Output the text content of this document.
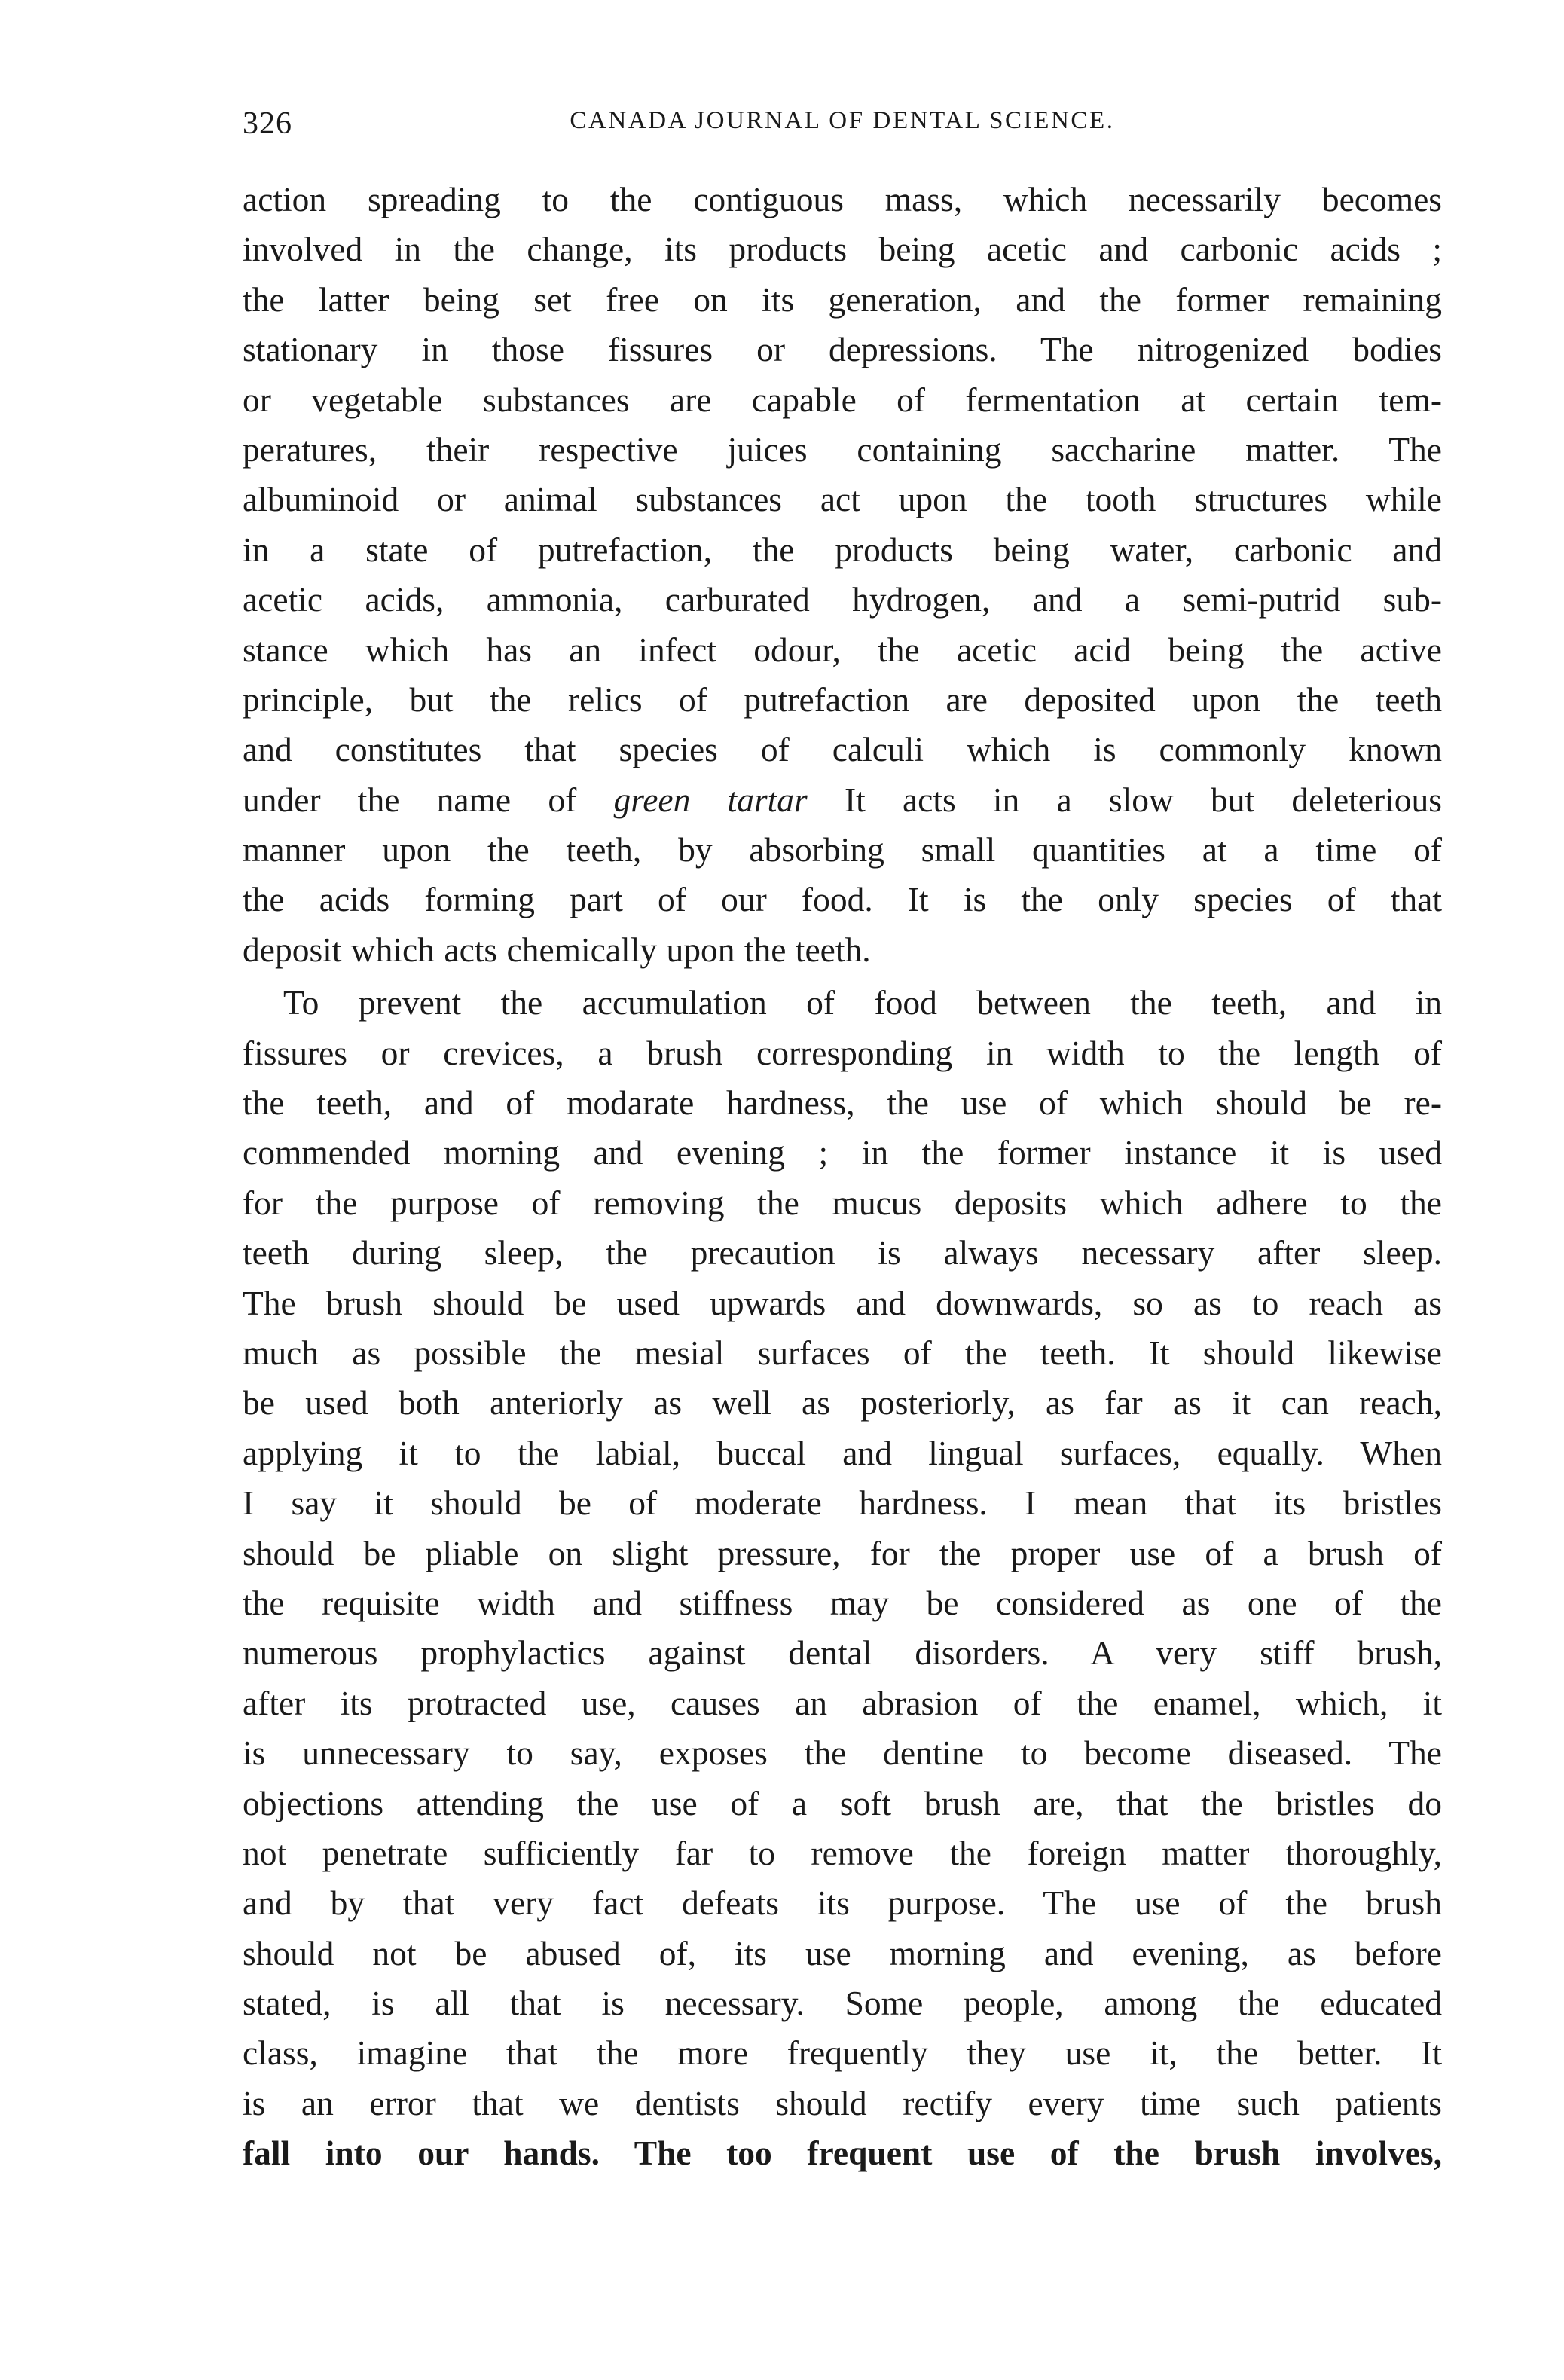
326	CANADA JOURNAL OF DENTAL SCIENCE.
action spreading to the contiguous mass, which necessarily becomes
involved in the change, its products being acetic and carbonic acids ;
the latter being set free on its generation, and the former remaining
stationary in those fissures or depressions. The nitrogenized bodies
or vegetable substances are capable of fermentation at certain tem-
peratures, their respective juices containing saccharine matter. The
albuminoid or animal substances act upon the tooth structures while
in a state of putrefaction, the products being water, carbonic and
acetic acids, ammonia, carburated hydrogen, and a semi-putrid sub-
stance which has an infect odour, the acetic acid being the active
principle, but the relics of putrefaction are deposited upon the teeth
and constitutes that species of calculi which is commonly known
under the name of green tartar It acts in a slow but deleterious
manner upon the teeth, by absorbing small quantities at a time of
the acids forming part of our food. It is the only species of that
deposit which acts chemically upon the teeth.
To prevent the accumulation of food between the teeth, and in
fissures or crevices, a brush corresponding in width to the length of
the teeth, and of modarate hardness, the use of which should be re-
commended morning and evening ; in the former instance it is used
for the purpose of removing the mucus deposits which adhere to the
teeth during sleep, the precaution is always necessary after sleep.
The brush should be used upwards and downwards, so as to reach as
much as possible the mesial surfaces of the teeth. It should likewise
be used both anteriorly as well as posteriorly, as far as it can reach,
applying it to the labial, buccal and lingual surfaces, equally. When
I say it should be of moderate hardness. I mean that its bristles
should be pliable on slight pressure, for the proper use of a brush of
the requisite width and stiffness may be considered as one of the
numerous prophylactics against dental disorders. A very stiff brush,
after its protracted use, causes an abrasion of the enamel, which, it
is unnecessary to say, exposes the dentine to become diseased. The
objections attending the use of a soft brush are, that the bristles do
not penetrate sufficiently far to remove the foreign matter thoroughly,
and by that very fact defeats its purpose. The use of the brush
should not be abused of, its use morning and evening, as before
stated, is all that is necessary. Some people, among the educated
class, imagine that the more frequently they use it, the better. It
is an error that we dentists should rectify every time such patients
fall into our hands. The too frequent use of the brush involves,
